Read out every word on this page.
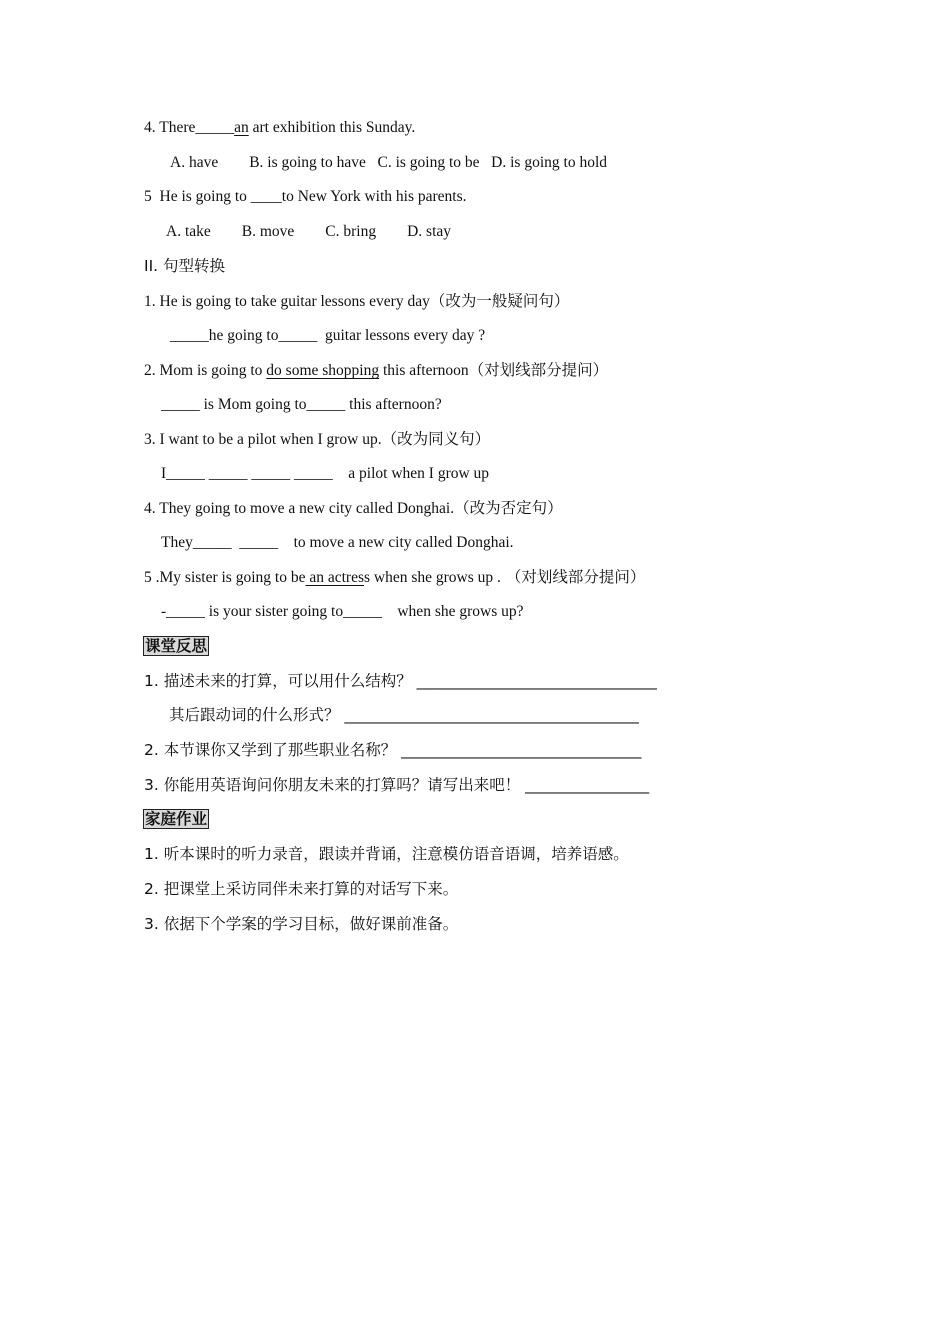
4. There_____an art exhibition this Sunday.
A. have        B. is going to have   C. is going to be   D. is going to hold
5  He is going to ____to New York with his parents.
A. take        B. move        C. bring        D. stay
II. 句型转换
1. He is going to take guitar lessons every day（改为一般疑问句）
_____he going to_____  guitar lessons every day ?
2. Mom is going to do some shopping this afternoon（对划线部分提问）
_____ is Mom going to_____ this afternoon?
3. I want to be a pilot when I grow up.（改为同义句）
I_____ _____ _____ _____    a pilot when I grow up
4. They going to move a new city called Donghai.（改为否定句）
They_____  _____    to move a new city called Donghai.
5 .My sister is going to be an actress when she grows up . （对划线部分提问）
-_____ is your sister going to_____    when she grows up?
课堂反思
1. 描述未来的打算，可以用什么结构？ _______________________________
其后跟动词的什么形式？ ______________________________________
2. 本节课你又学到了那些职业名称？ _______________________________
3. 你能用英语询问你朋友未来的打算吗？请写出来吧！ ________________
家庭作业
1. 听本课时的听力录音，跟读并背诵，注意模仿语音语调，培养语感。
2. 把课堂上采访同伴未来打算的对话写下来。
3. 依据下个学案的学习目标，做好课前准备。
